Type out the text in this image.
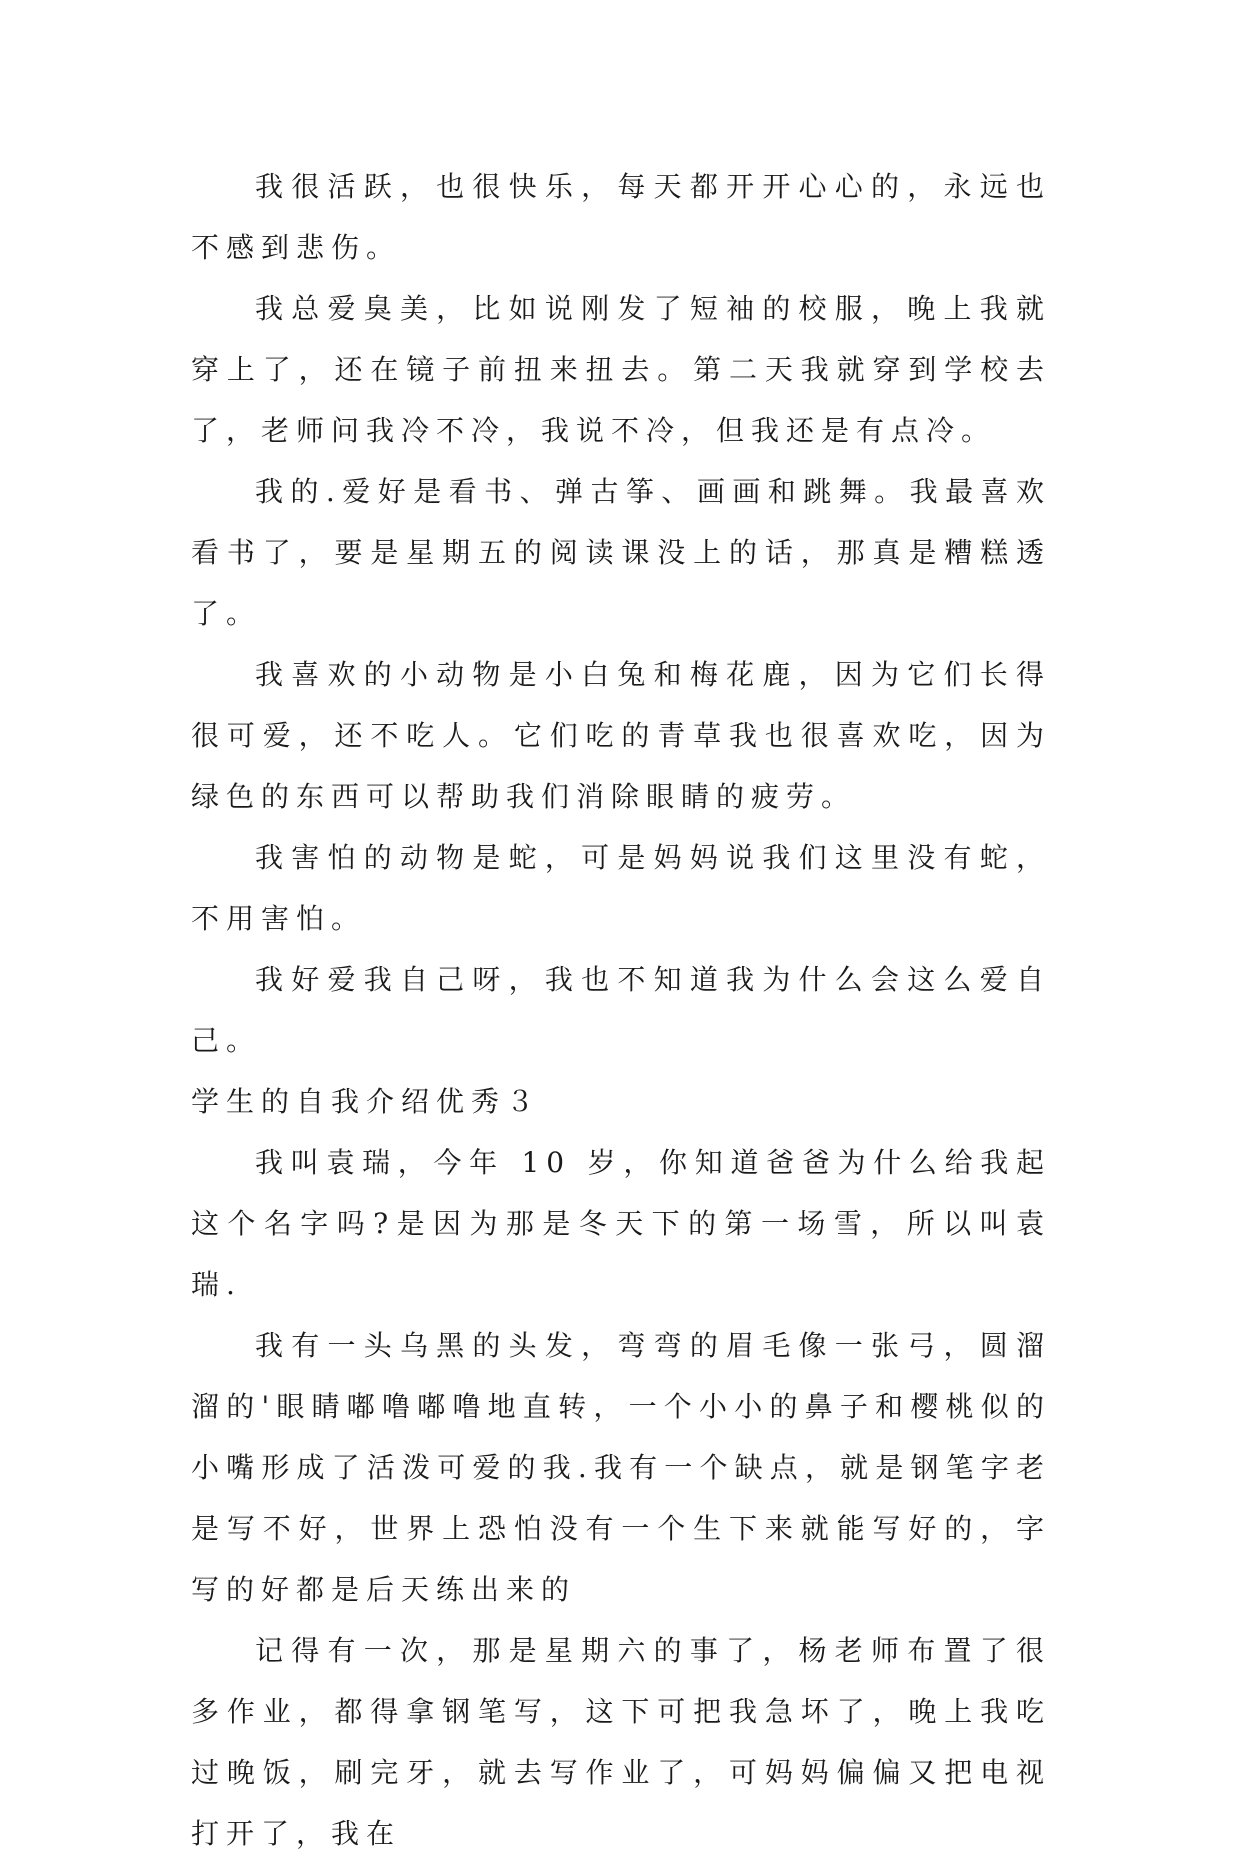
我很活跃，也很快乐，每天都开开心心的，永远也不感到悲伤。

我总爱臭美，比如说刚发了短袖的校服，晚上我就穿上了，还在镜子前扭来扭去。第二天我就穿到学校去了，老师问我冷不冷，我说不冷，但我还是有点冷。

我的.爱好是看书、弹古筝、画画和跳舞。我最喜欢看书了，要是星期五的阅读课没上的话，那真是糟糕透了。

我喜欢的小动物是小白兔和梅花鹿，因为它们长得很可爱，还不吃人。它们吃的青草我也很喜欢吃，因为绿色的东西可以帮助我们消除眼睛的疲劳。

我害怕的动物是蛇，可是妈妈说我们这里没有蛇，不用害怕。

我好爱我自己呀，我也不知道我为什么会这么爱自己。

学生的自我介绍优秀３

我叫袁瑞，今年 10 岁，你知道爸爸为什么给我起这个名字吗?是因为那是冬天下的第一场雪，所以叫袁瑞.

我有一头乌黑的头发，弯弯的眉毛像一张弓，圆溜溜的'眼睛嘟噜嘟噜地直转，一个小小的鼻子和樱桃似的小嘴形成了活泼可爱的我.我有一个缺点，就是钢笔字老是写不好，世界上恐怕没有一个生下来就能写好的，字写的好都是后天练出来的

记得有一次，那是星期六的事了，杨老师布置了很多作业，都得拿钢笔写，这下可把我急坏了，晚上我吃过晚饭，刷完牙，就去写作业了，可妈妈偏偏又把电视打开了，我在
